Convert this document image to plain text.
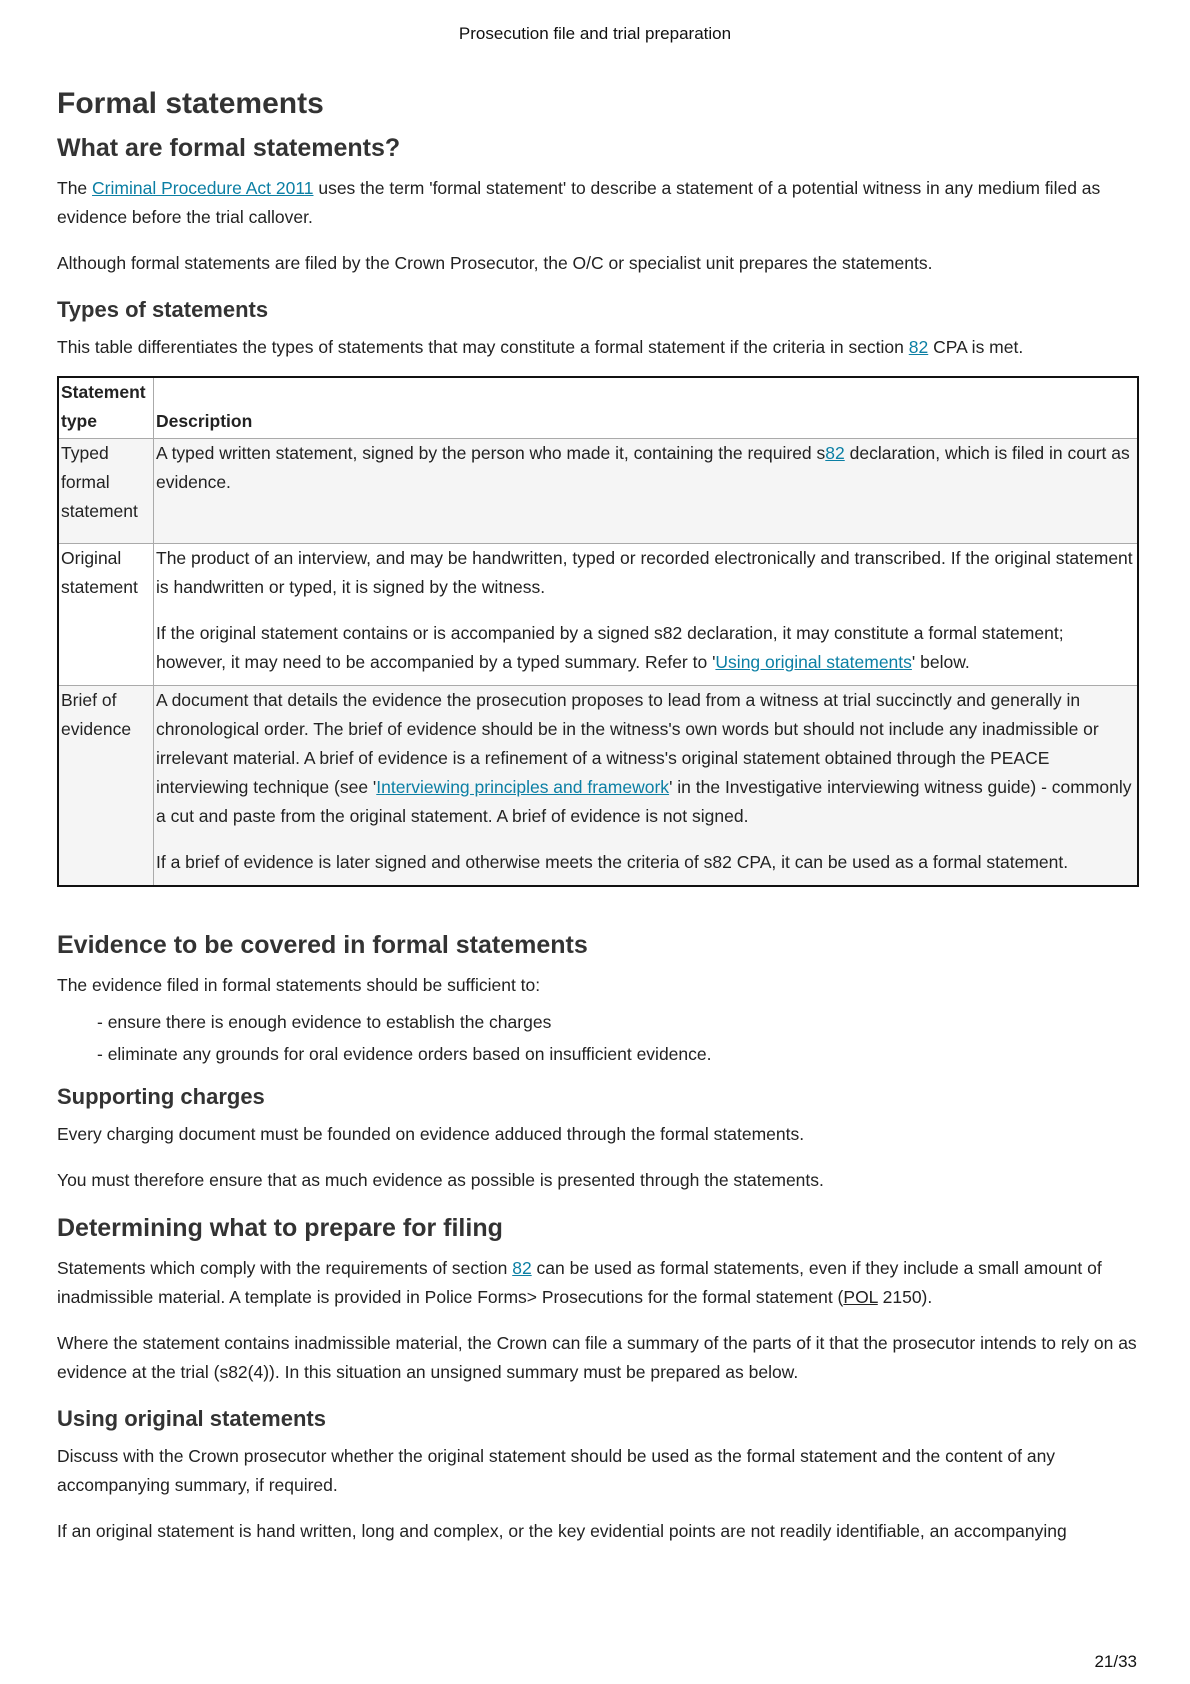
Prosecution file and trial preparation
Formal statements
What are formal statements?

The Criminal Procedure Act 2011 uses the term 'formal statement' to describe a statement of a potential witness in any medium filed as evidence before the trial callover.

Although formal statements are filed by the Crown Prosecutor, the O/C or specialist unit prepares the statements.

Types of statements

This table differentiates the types of statements that may constitute a formal statement if the criteria in section 82 CPA is met.

Statement type	Description
Typed formal statement	A typed written statement, signed by the person who made it, containing the required s82 declaration, which is filed in court as evidence.
Original statement	The product of an interview, and may be handwritten, typed or recorded electronically and transcribed. If the original statement is handwritten or typed, it is signed by the witness.

If the original statement contains or is accompanied by a signed s82 declaration, it may constitute a formal statement; however, it may need to be accompanied by a typed summary. Refer to 'Using original statements' below.

Brief of evidence	A document that details the evidence the prosecution proposes to lead from a witness at trial succinctly and generally in chronological order. The brief of evidence should be in the witness's own words but should not include any inadmissible or irrelevant material. A brief of evidence is a refinement of a witness's original statement obtained through the PEACE interviewing technique (see 'Interviewing principles and framework' in the Investigative interviewing witness guide) - commonly a cut and paste from the original statement. A brief of evidence is not signed.

If a brief of evidence is later signed and otherwise meets the criteria of s82 CPA, it can be used as a formal statement.

Evidence to be covered in formal statements

The evidence filed in formal statements should be sufficient to:

- ensure there is enough evidence to establish the charges
- eliminate any grounds for oral evidence orders based on insufficient evidence.
Supporting charges

Every charging document must be founded on evidence adduced through the formal statements.

You must therefore ensure that as much evidence as possible is presented through the statements.

Determining what to prepare for filing

Statements which comply with the requirements of section 82 can be used as formal statements, even if they include a small amount of inadmissible material. A template is provided in Police Forms> Prosecutions for the formal statement (POL 2150).

Where the statement contains inadmissible material, the Crown can file a summary of the parts of it that the prosecutor intends to rely on as evidence at the trial (s82(4)). In this situation an unsigned summary must be prepared as below.

Using original statements

Discuss with the Crown prosecutor whether the original statement should be used as the formal statement and the content of any accompanying summary, if required.

If an original statement is hand written, long and complex, or the key evidential points are not readily identifiable, an accompanying

21/33
